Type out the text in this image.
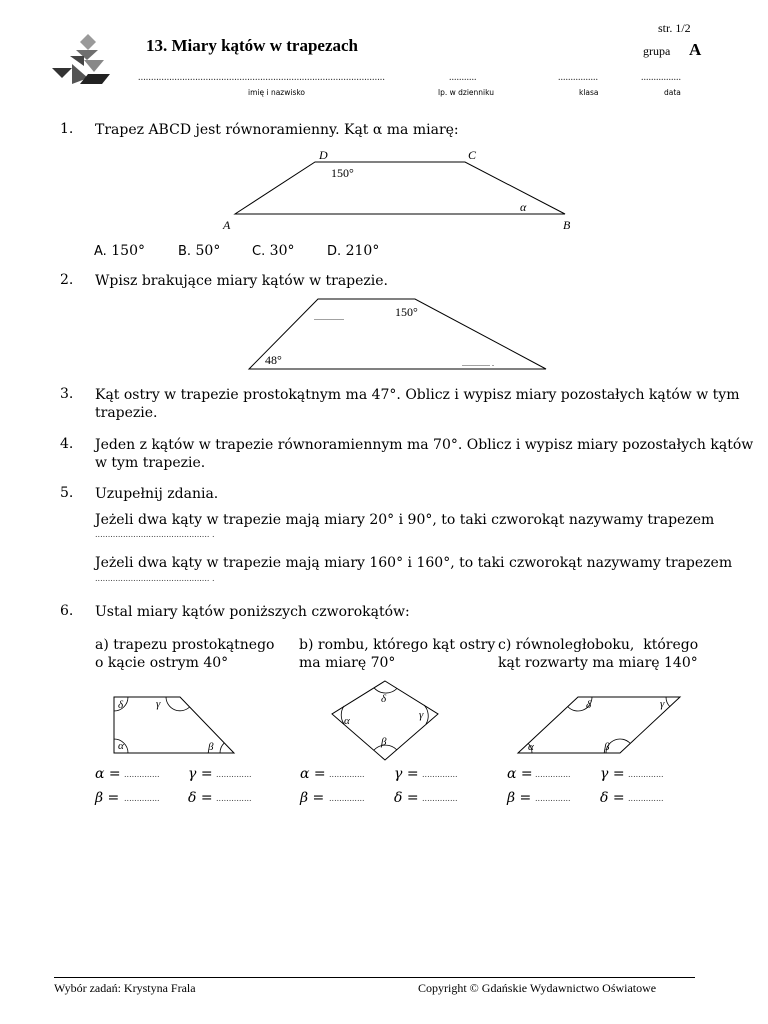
13. Miary kątów w trapezach
str. 1/2
grupa A
...............................................................................................
imię i nazwisko
...........
lp. w dzienniku
................
klasa
................
data
1. Trapez ABCD jest równoramienny. Kąt α ma miarę:
D	C
A	B
150°
α
A. 150°	B. 50° C. 30°	D. 210°
2. Wpisz brakujące miary kątów w trapezie.
150°
...............
48°	.............. .
3. Kąt ostry w trapezie prostokątnym ma 47°. Oblicz i wypisz miary pozostałych kątów w tym
trapezie.
4. Jeden z kątów w trapezie równoramiennym ma 70°. Oblicz i wypisz miary pozostałych kątów
w tym trapezie.
5. Uzupełnij zdania.
Jeżeli dwa kąty w trapezie mają miary 20° i 90°, to taki czworokąt nazywamy trapezem
............................................. .
Jeżeli dwa kąty w trapezie mają miary 160° i 160°, to taki czworokąt nazywamy trapezem
............................................. .
6. Ustal miary kątów poniższych czworokątów:
a) trapezu prostokątnego
o kącie ostrym 40°
b) rombu, którego kąt ostry
ma miarę 70°
c) równoległoboku,  którego
kąt rozwarty ma miarę 140°
δ	γ
α	β
δ
γ
α
β	α
δ	γ
β
α = .............. γ = ..............
β = .............. δ = ..............
α = .............. γ = ..............
β = .............. δ = ..............
α = .............. γ = ..............
β = .............. δ = ..............
Wybór zadań: Krystyna Frala	Copyright © Gdańskie Wydawnictwo Oświatowe
